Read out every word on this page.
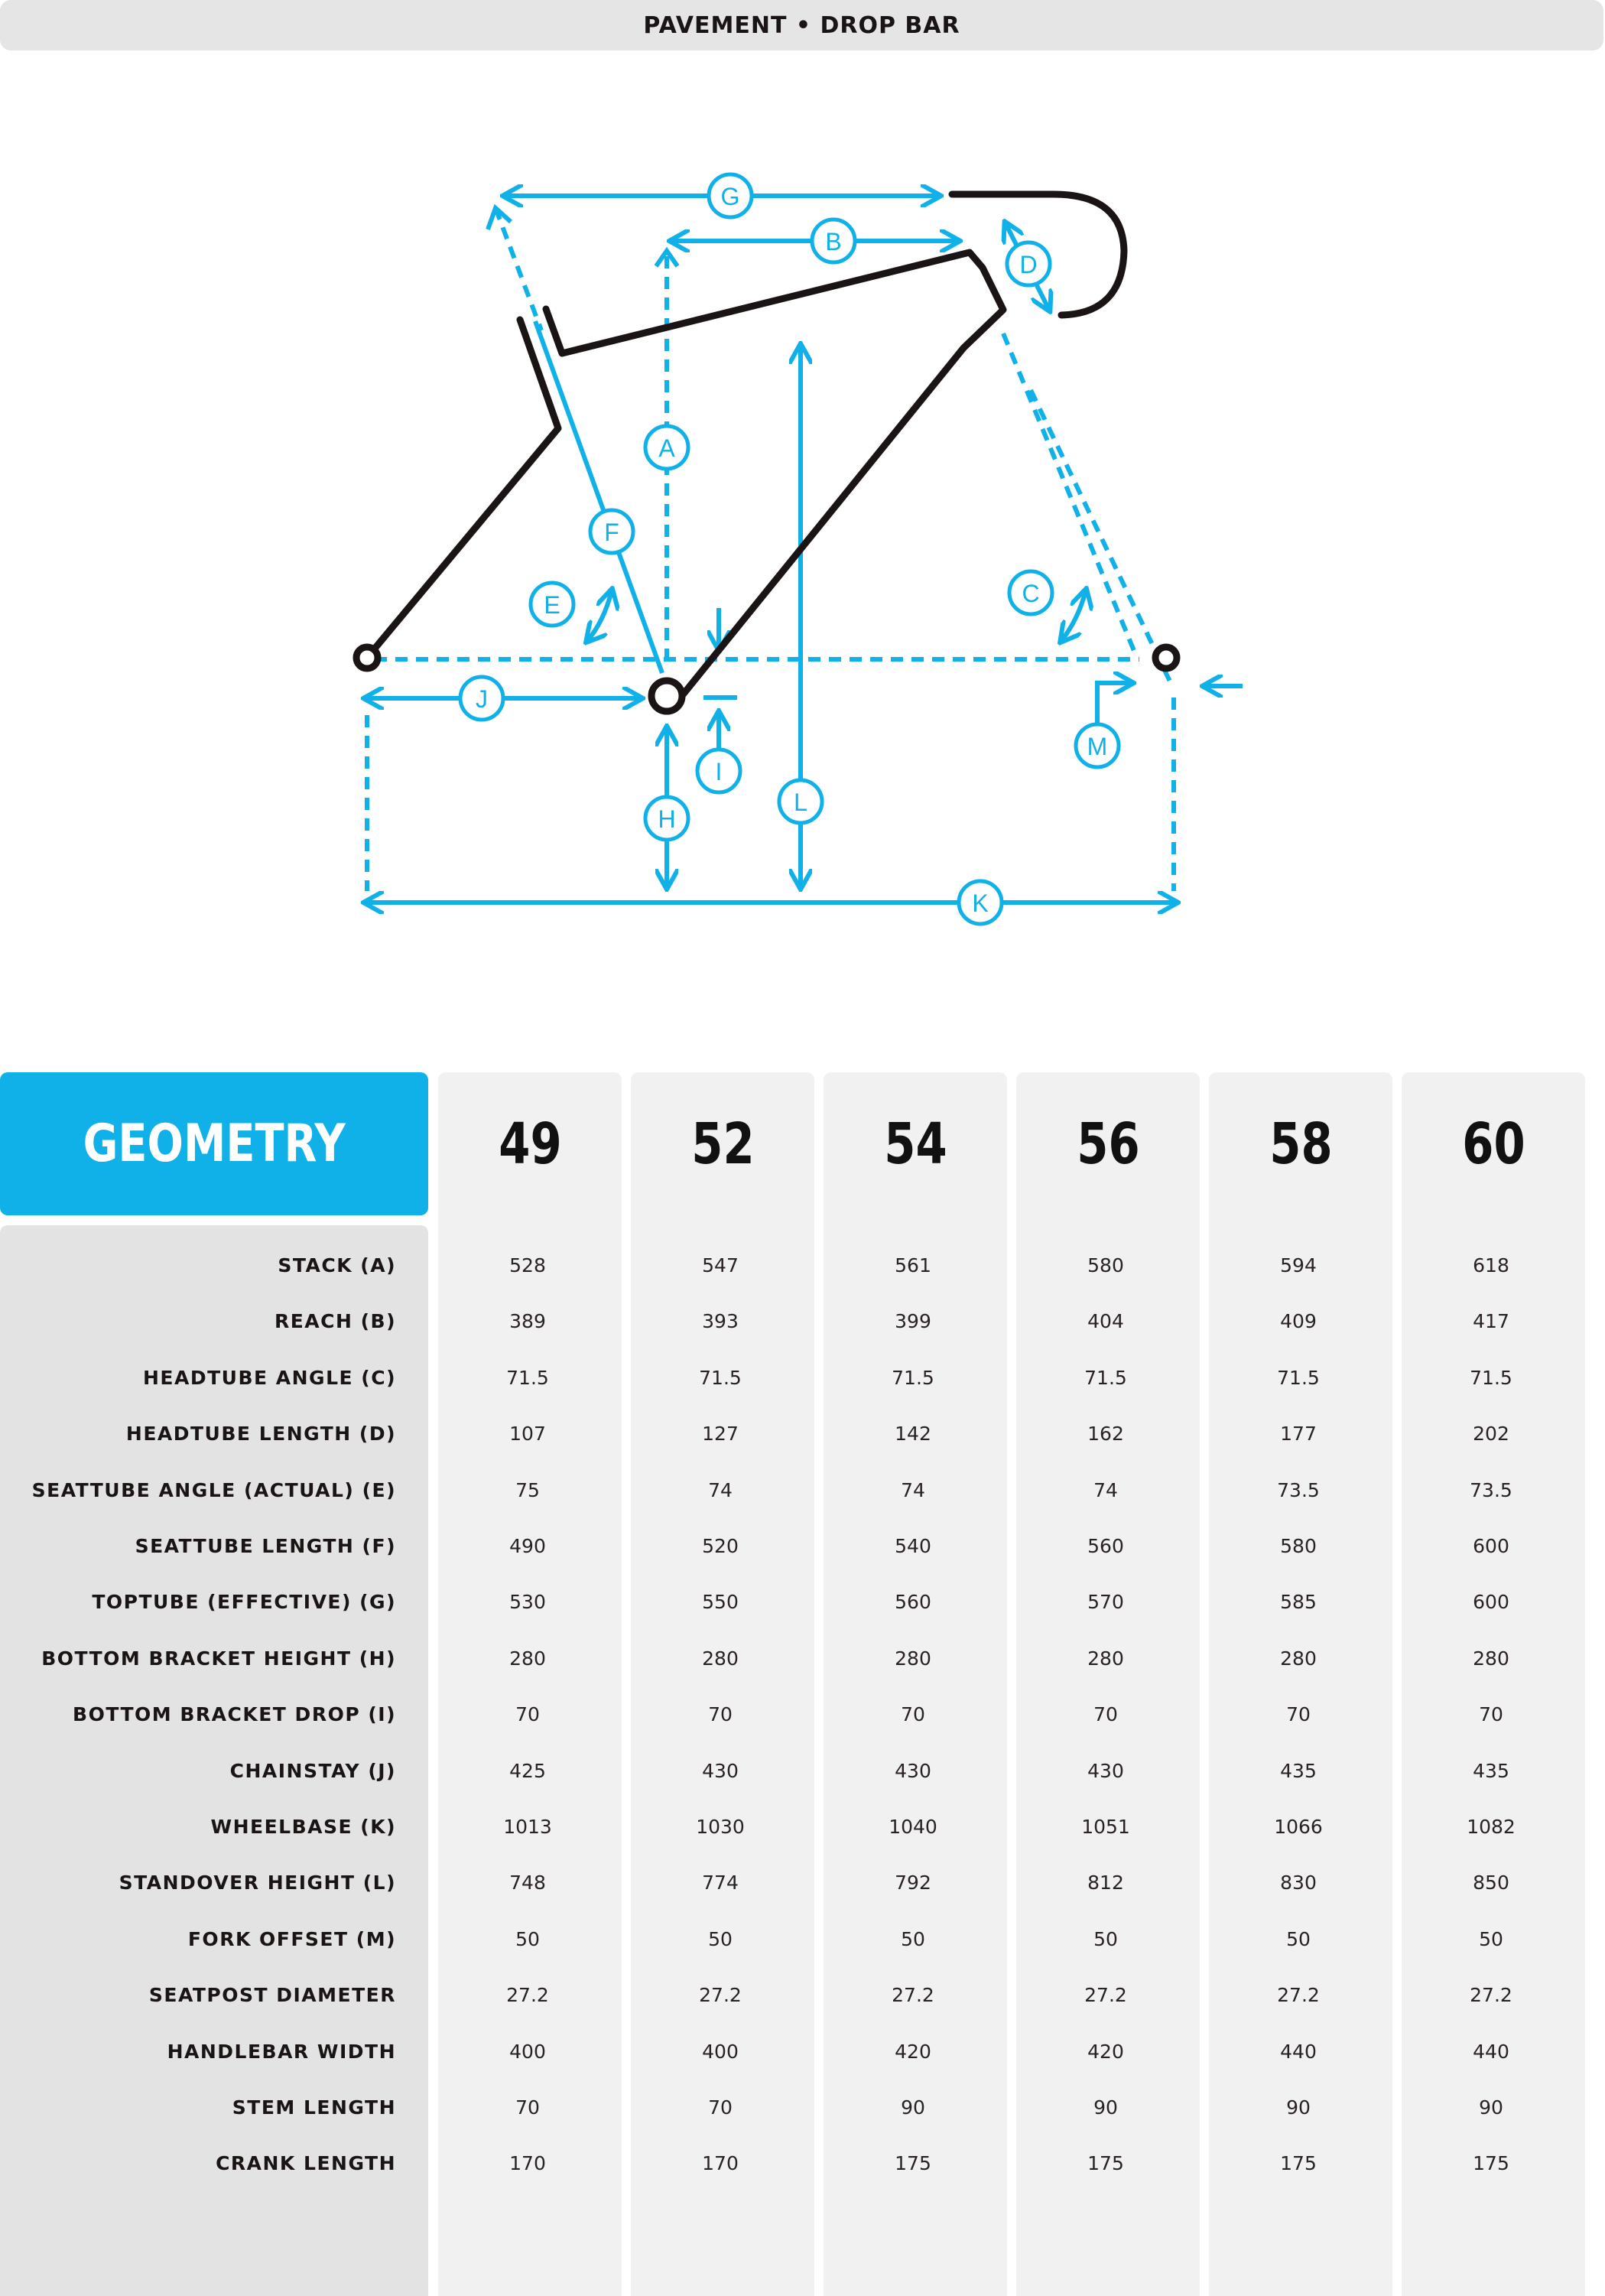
PAVEMENT • DROP BAR
A
B
C
D
E
F
G
H
I
J
K
L
M
GEOMETRY	49 52 54 56 58 60
STACK (A)	528	547	561	580	594	618
REACH (B)	389	393	399	404	409	417
HEADTUBE ANGLE (C)	71.5	71.5	71.5	71.5	71.5	71.5
HEADTUBE LENGTH (D)	107	127	142	162	177	202
SEATTUBE ANGLE (ACTUAL) (E)	75	74	74	74	73.5	73.5
SEATTUBE LENGTH (F)	490	520	540	560	580	600
TOPTUBE (EFFECTIVE) (G)	530	550	560	570	585	600
BOTTOM BRACKET HEIGHT (H)	280	280	280	280	280	280
BOTTOM BRACKET DROP (I)	70	70	70	70	70	70
CHAINSTAY (J)	425	430	430	430	435	435
WHEELBASE (K)	1013	1030	1040	1051	1066	1082
STANDOVER HEIGHT (L)	748	774	792	812	830	850
FORK OFFSET (M)	50	50	50	50	50	50
SEATPOST DIAMETER	27.2	27.2	27.2	27.2	27.2	27.2
HANDLEBAR WIDTH	400	400	420	420	440	440
STEM LENGTH	70	70	90	90	90	90
CRANK LENGTH	170	170	175	175	175	175
